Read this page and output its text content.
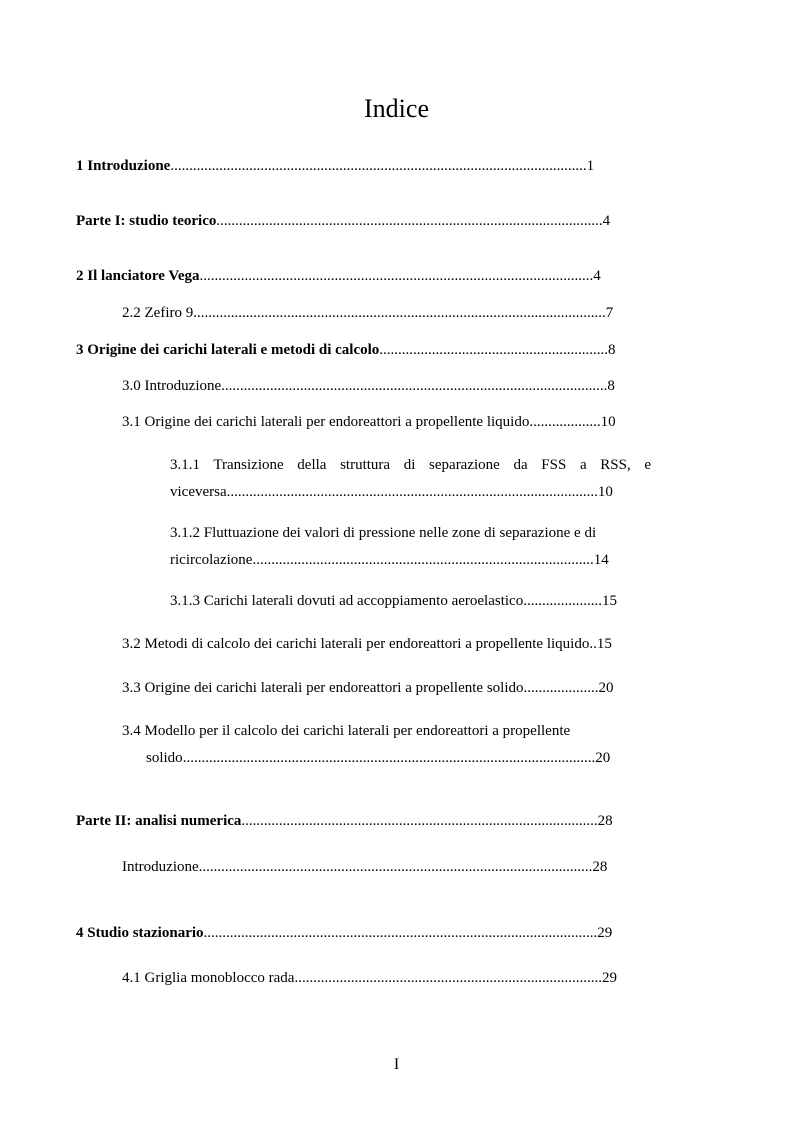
Indice
1 Introduzione...............................................................................................................1
Parte I: studio teorico.......................................................................................................4
2 Il lanciatore Vega.........................................................................................................4
2.2 Zefiro 9..............................................................................................................7
3 Origine dei carichi laterali e metodi di calcolo.............................................................8
3.0 Introduzione.......................................................................................................8
3.1 Origine dei carichi laterali per endoreattori a propellente liquido...................10
3.1.1 Transizione della struttura di separazione da FSS a RSS, e
viceversa...................................................................................................10
3.1.2 Fluttuazione dei valori di pressione nelle zone di separazione e di
ricircolazione...........................................................................................14
3.1.3 Carichi laterali dovuti ad accoppiamento aeroelastico.....................15
3.2 Metodi di calcolo dei carichi laterali per endoreattori a propellente liquido..15
3.3 Origine dei carichi laterali per endoreattori a propellente solido....................20
3.4 Modello per il calcolo dei carichi laterali per endoreattori a propellente
solido..............................................................................................................20
Parte II: analisi numerica...............................................................................................28
Introduzione.........................................................................................................28
4 Studio stazionario.........................................................................................................29
4.1 Griglia monoblocco rada..................................................................................29
I
